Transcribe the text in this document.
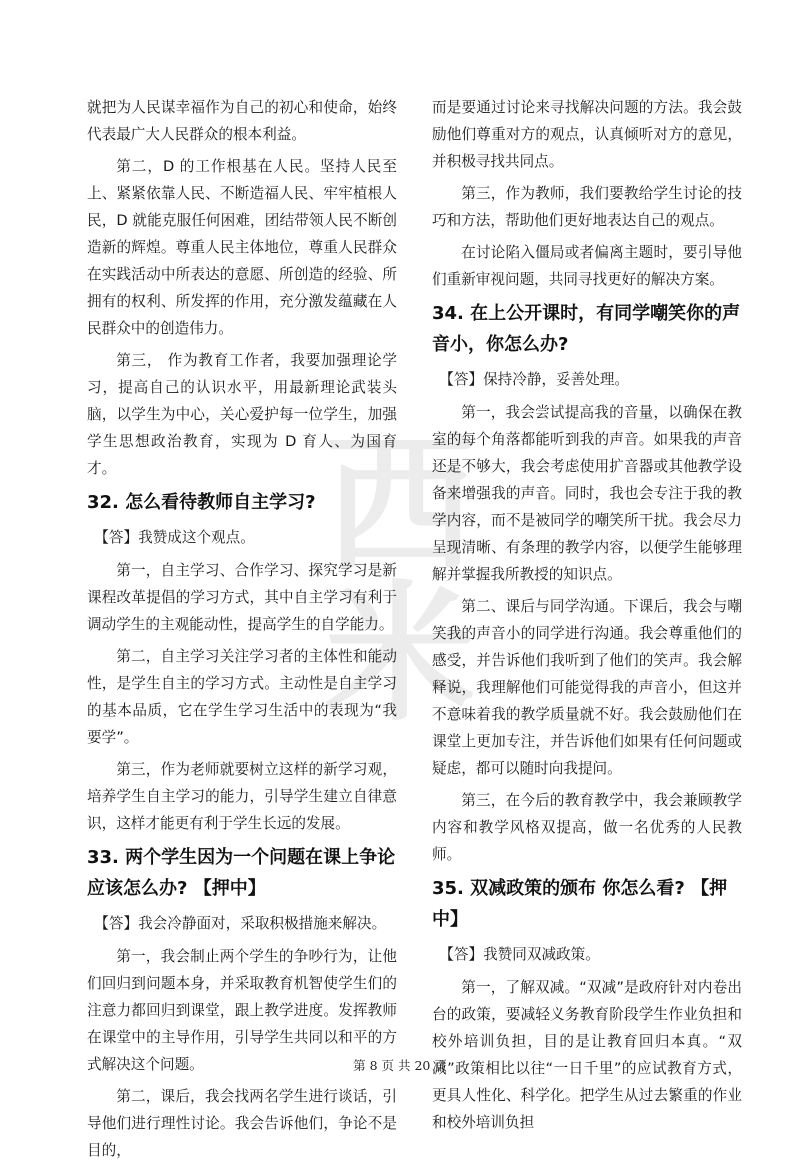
西米

就把为人民谋幸福作为自己的初心和使命，始终代表最广大人民群众的根本利益。

第二，D 的工作根基在人民。坚持人民至上、紧紧依靠人民、不断造福人民、牢牢植根人民，D 就能克服任何困难，团结带领人民不断创造新的辉煌。尊重人民主体地位，尊重人民群众在实践活动中所表达的意愿、所创造的经验、所拥有的权利、所发挥的作用，充分激发蕴藏在人民群众中的创造伟力。

第三， 作为教育工作者，我要加强理论学习，提高自己的认识水平，用最新理论武装头脑，以学生为中心，关心爱护每一位学生，加强学生思想政治教育，实现为 D 育人、为国育才。

32. 怎么看待教师自主学习?

【答】我赞成这个观点。

第一，自主学习、合作学习、探究学习是新课程改革提倡的学习方式，其中自主学习有利于调动学生的主观能动性，提高学生的自学能力。

第二，自主学习关注学习者的主体性和能动性，是学生自主的学习方式。主动性是自主学习的基本品质，它在学生学习生活中的表现为“我要学”。

第三，作为老师就要树立这样的新学习观，培养学生自主学习的能力，引导学生建立自律意识，这样才能更有利于学生长远的发展。

33. 两个学生因为一个问题在课上争论应该怎么办? 【押中】

【答】我会冷静面对，采取积极措施来解决。

第一，我会制止两个学生的争吵行为，让他们回归到问题本身，并采取教育机智使学生们的注意力都回归到课堂，跟上教学进度。发挥教师在课堂中的主导作用，引导学生共同以和平的方式解决这个问题。

第二，课后，我会找两名学生进行谈话，引导他们进行理性讨论。我会告诉他们，争论不是目的，

而是要通过讨论来寻找解决问题的方法。我会鼓励他们尊重对方的观点，认真倾听对方的意见，并积极寻找共同点。

第三，作为教师，我们要教给学生讨论的技巧和方法，帮助他们更好地表达自己的观点。

在讨论陷入僵局或者偏离主题时，要引导他们重新审视问题，共同寻找更好的解决方案。

34. 在上公开课时，有同学嘲笑你的声音小，你怎么办?

【答】保持冷静，妥善处理。

第一，我会尝试提高我的音量，以确保在教室的每个角落都能听到我的声音。如果我的声音还是不够大，我会考虑使用扩音器或其他教学设备来增强我的声音。同时，我也会专注于我的教学内容，而不是被同学的嘲笑所干扰。我会尽力呈现清晰、有条理的教学内容，以便学生能够理解并掌握我所教授的知识点。

第二、课后与同学沟通。下课后，我会与嘲笑我的声音小的同学进行沟通。我会尊重他们的感受，并告诉他们我听到了他们的笑声。我会解释说，我理解他们可能觉得我的声音小，但这并不意味着我的教学质量就不好。我会鼓励他们在课堂上更加专注，并告诉他们如果有任何问题或疑虑，都可以随时向我提问。

第三，在今后的教育教学中，我会兼顾教学内容和教学风格双提高，做一名优秀的人民教师。

35. 双减政策的颁布 你怎么看? 【押中】

【答】我赞同双减政策。

第一，了解双减。“双减”是政府针对内卷出台的政策，要减轻义务教育阶段学生作业负担和校外培训负担，目的是让教育回归本真。“双减”政策相比以往“一日千里”的应试教育方式，更具人性化、科学化。把学生从过去繁重的作业和校外培训负担

第 8 页 共 20 页
